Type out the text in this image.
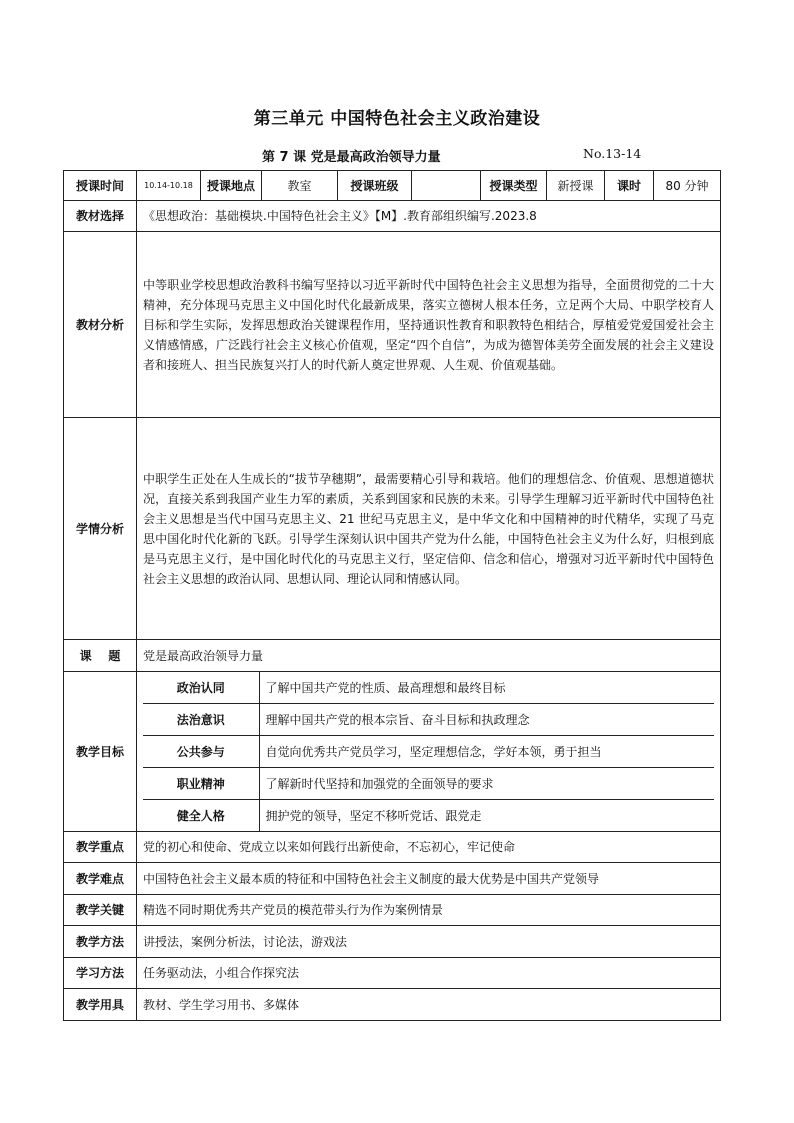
第三单元 中国特色社会主义政治建设
第 7 课 党是最高政治领导力量	No.13-14
授课时间	10.14-10.18	授课地点	教室	授课班级		授课类型	新授课	课时	80 分钟
教材选择	《思想政治：基础模块.中国特色社会主义》【M】.教育部组织编写.2023.8
教材分析	中等职业学校思想政治教科书编写坚持以习近平新时代中国特色社会主义思想为指导，全面贯彻党的二十大精神，充分体现马克思主义中国化时代化最新成果，落实立德树人根本任务，立足两个大局、中职学校育人目标和学生实际，发挥思想政治关键课程作用，坚持通识性教育和职教特色相结合，厚植爱党爱国爱社会主义情感情感，广泛践行社会主义核心价值观，坚定“四个自信”，为成为德智体美劳全面发展的社会主义建设者和接班人、担当民族复兴打人的时代新人奠定世界观、人生观、价值观基础。
学情分析	中职学生正处在人生成长的“拔节孕穗期”，最需要精心引导和栽培。他们的理想信念、价值观、思想道德状况，直接关系到我国产业生力军的素质，关系到国家和民族的未来。引导学生理解习近平新时代中国特色社会主义思想是当代中国马克思主义、21 世纪马克思主义，是中华文化和中国精神的时代精华，实现了马克思中国化时代化新的飞跃。引导学生深刻认识中国共产党为什么能，中国特色社会主义为什么好，归根到底是马克思主义行，是中国化时代化的马克思主义行，坚定信仰、信念和信心，增强对习近平新时代中国特色社会主义思想的政治认同、思想认同、理论认同和情感认同。
课    题	党是最高政治领导力量
教学目标	
政治认同	了解中国共产党的性质、最高理想和最终目标
法治意识	理解中国共产党的根本宗旨、奋斗目标和执政理念
公共参与	自觉向优秀共产党员学习，坚定理想信念，学好本领，勇于担当
职业精神	了解新时代坚持和加强党的全面领导的要求
健全人格	拥护党的领导，坚定不移听党话、跟党走

教学重点	党的初心和使命、党成立以来如何践行出新使命，不忘初心，牢记使命
教学难点	中国特色社会主义最本质的特征和中国特色社会主义制度的最大优势是中国共产党领导
教学关键	精选不同时期优秀共产党员的模范带头行为作为案例情景
教学方法	讲授法，案例分析法，讨论法，游戏法
学习方法	任务驱动法，小组合作探究法
教学用具	教材、学生学习用书、多媒体
